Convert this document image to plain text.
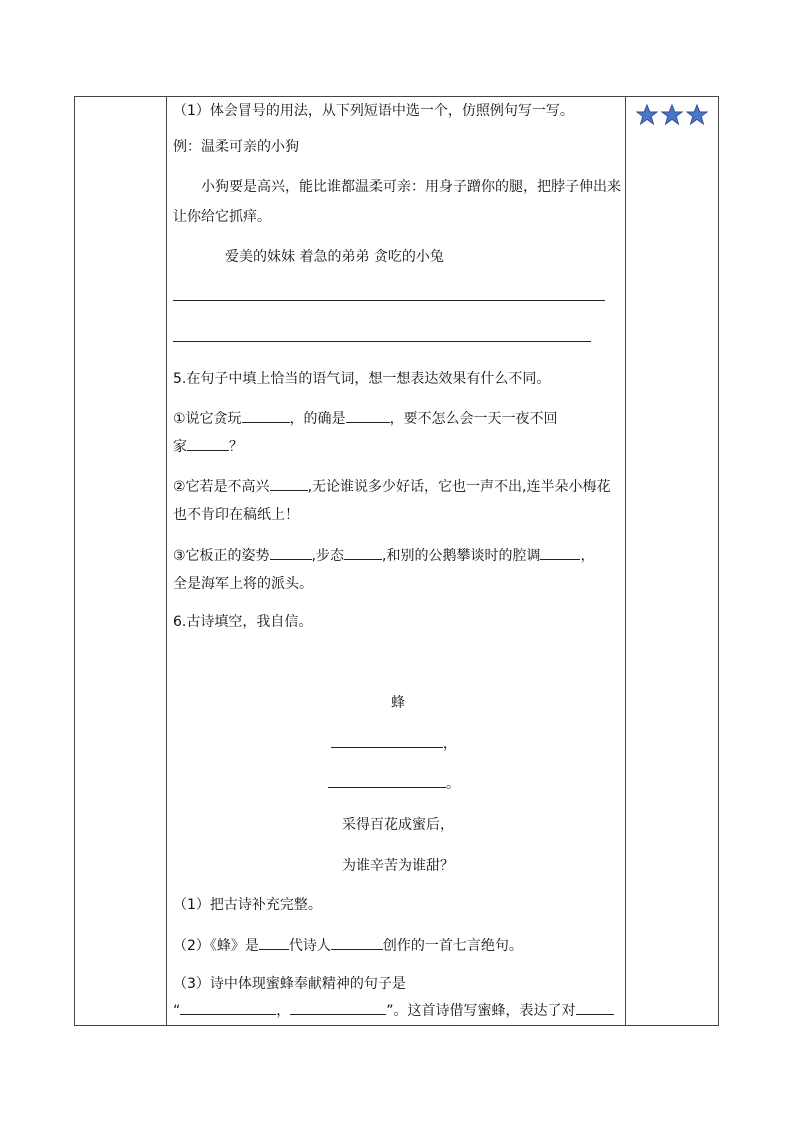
（1）体会冒号的用法，从下列短语中选一个，仿照例句写一写。
例：温柔可亲的小狗
小狗要是高兴，能比谁都温柔可亲：用身子蹭你的腿，把脖子伸出来
让你给它抓痒。
爱美的妹妹 着急的弟弟 贪吃的小兔
5.在句子中填上恰当的语气词，想一想表达效果有什么不同。
①说它贪玩	，的确是	，要不怎么会一天一夜不回
家	？
②它若是不高兴	,无论谁说多少好话，它也一声不出,连半朵小梅花
也不肯印在稿纸上！
③它板正的姿势	,步态	,和别的公鹅攀谈时的腔调	，
全是海军上将的派头。
6.古诗填空，我自信。
蜂
，
。
采得百花成蜜后，
为谁辛苦为谁甜？
（1）把古诗补充完整。
（2）《蜂》是 代诗人	创作的一首七言绝句。
（3）诗中体现蜜蜂奉献精神的句子是
“	，	”。这首诗借写蜜蜂，表达了对
